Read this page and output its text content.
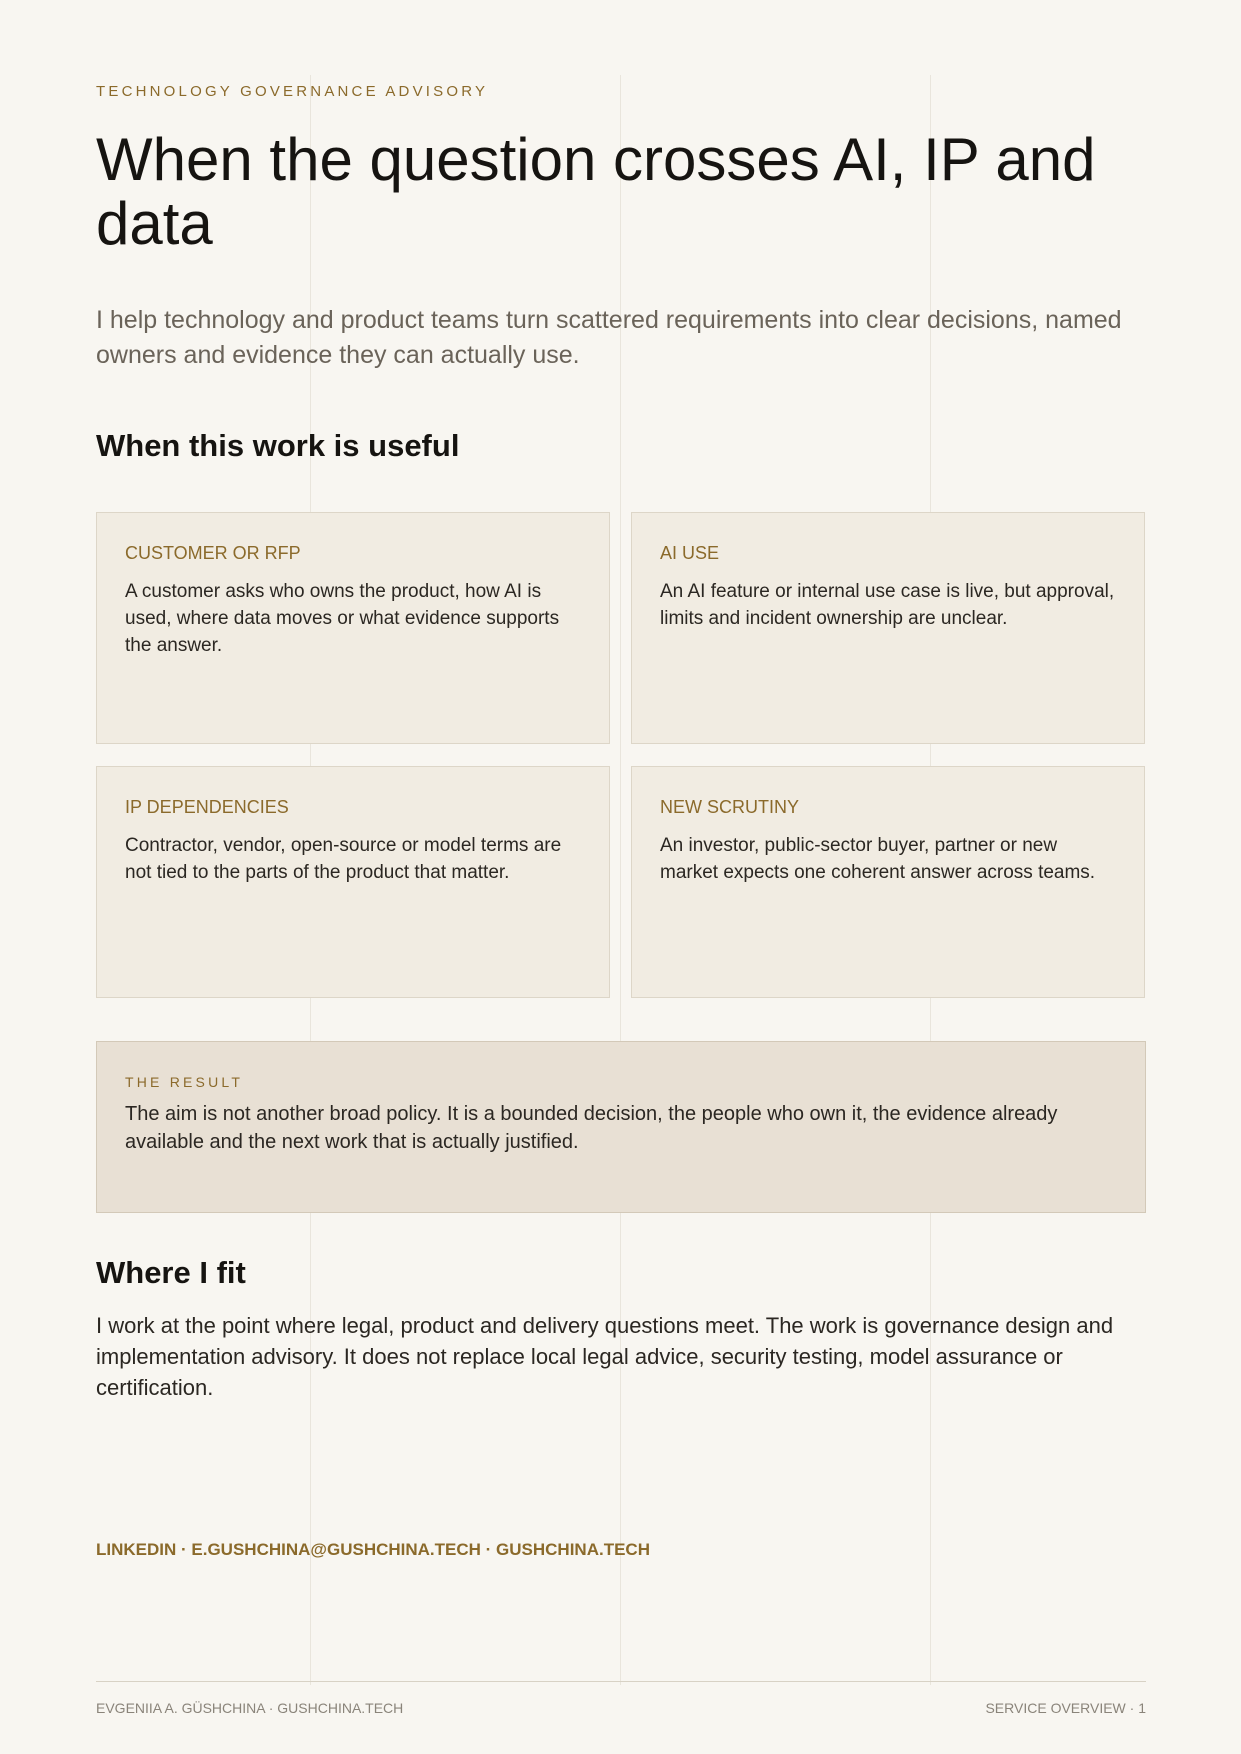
TECHNOLOGY GOVERNANCE ADVISORY
When the question crosses AI, IP and data

I help technology and product teams turn scattered requirements into clear decisions, named owners and evidence they can actually use.

When this work is useful

CUSTOMER OR RFP

A customer asks who owns the product, how AI is used, where data moves or what evidence supports the answer.

AI USE

An AI feature or internal use case is live, but approval, limits and incident ownership are unclear.

IP DEPENDENCIES

Contractor, vendor, open-source or model terms are not tied to the parts of the product that matter.

NEW SCRUTINY

An investor, public-sector buyer, partner or new market expects one coherent answer across teams.

THE RESULT

The aim is not another broad policy. It is a bounded decision, the people who own it, the evidence already available and the next work that is actually justified.

Where I fit

I work at the point where legal, product and delivery questions meet. The work is governance design and implementation advisory. It does not replace local legal advice, security testing, model assurance or certification.

LINKEDIN · E.GUSHCHINA@GUSHCHINA.TECH · GUSHCHINA.TECH
EVGENIIA A. GÜSHCHINA · GUSHCHINA.TECH	SERVICE OVERVIEW · 1
